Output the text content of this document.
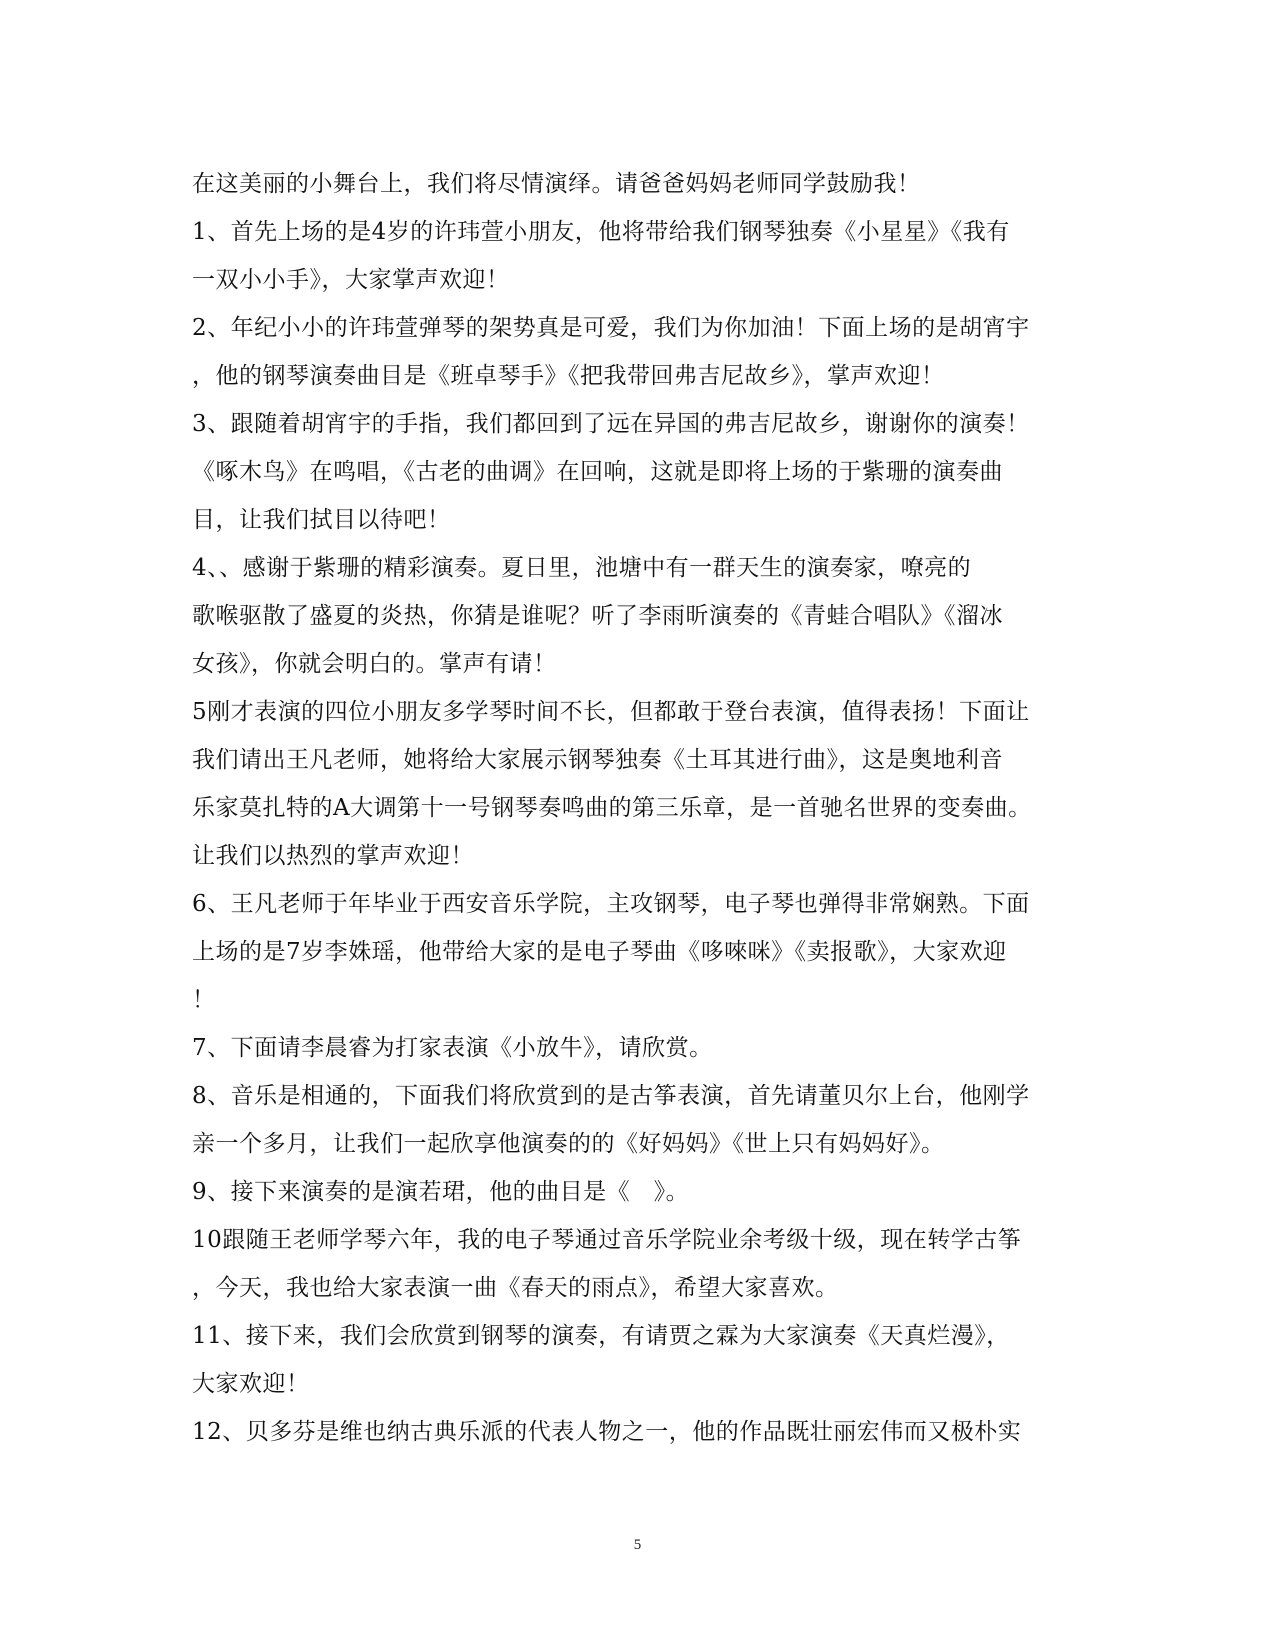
在这美丽的小舞台上，我们将尽情演绎。请爸爸妈妈老师同学鼓励我！
1、首先上场的是4岁的许玮萱小朋友，他将带给我们钢琴独奏《小星星》《我有
一双小小手》，大家掌声欢迎！
2、年纪小小的许玮萱弹琴的架势真是可爱，我们为你加油！下面上场的是胡宵宇
，他的钢琴演奏曲目是《班卓琴手》《把我带回弗吉尼故乡》，掌声欢迎！
3、跟随着胡宵宇的手指，我们都回到了远在异国的弗吉尼故乡，谢谢你的演奏！
《啄木鸟》在鸣唱，《古老的曲调》在回响，这就是即将上场的于紫珊的演奏曲
目，让我们拭目以待吧！
4、、感谢于紫珊的精彩演奏。夏日里，池塘中有一群天生的演奏家，嘹亮的
歌喉驱散了盛夏的炎热，你猜是谁呢？听了李雨昕演奏的《青蛙合唱队》《溜冰
女孩》，你就会明白的。掌声有请！
5刚才表演的四位小朋友多学琴时间不长，但都敢于登台表演，值得表扬！下面让
我们请出王凡老师，她将给大家展示钢琴独奏《土耳其进行曲》，这是奥地利音
乐家莫扎特的A大调第十一号钢琴奏鸣曲的第三乐章，是一首驰名世界的变奏曲。
让我们以热烈的掌声欢迎！
6、王凡老师于年毕业于西安音乐学院，主攻钢琴，电子琴也弹得非常娴熟。下面
上场的是7岁李姝瑶，他带给大家的是电子琴曲《哆唻咪》《卖报歌》，大家欢迎
！
7、下面请李晨睿为打家表演《小放牛》，请欣赏。
8、音乐是相通的，下面我们将欣赏到的是古筝表演，首先请董贝尔上台，他刚学
亲一个多月，让我们一起欣享他演奏的的《好妈妈》《世上只有妈妈好》。
9、接下来演奏的是演若珺，他的曲目是《　》。
10跟随王老师学琴六年，我的电子琴通过音乐学院业余考级十级，现在转学古筝
，今天，我也给大家表演一曲《春天的雨点》，希望大家喜欢。
11、接下来，我们会欣赏到钢琴的演奏，有请贾之霖为大家演奏《天真烂漫》，
大家欢迎！
12、贝多芬是维也纳古典乐派的代表人物之一，他的作品既壮丽宏伟而又极朴实
5
